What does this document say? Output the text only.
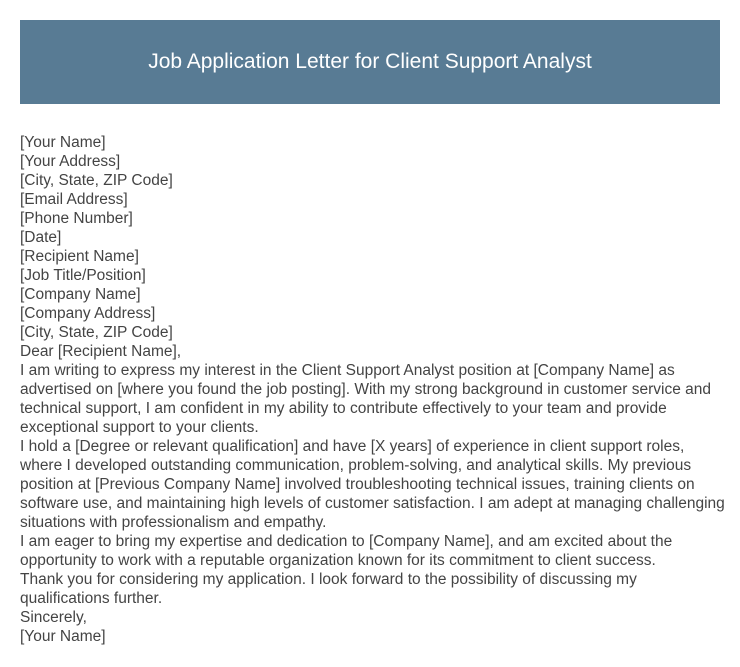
Job Application Letter for Client Support Analyst

[Your Name]

[Your Address]

[City, State, ZIP Code]

[Email Address]

[Phone Number]

[Date]

[Recipient Name]

[Job Title/Position]

[Company Name]

[Company Address]

[City, State, ZIP Code]

Dear [Recipient Name],

I am writing to express my interest in the Client Support Analyst position at [Company Name] as advertised on [where you found the job posting]. With my strong background in customer service and technical support, I am confident in my ability to contribute effectively to your team and provide exceptional support to your clients.

I hold a [Degree or relevant qualification] and have [X years] of experience in client support roles, where I developed outstanding communication, problem-solving, and analytical skills. My previous position at [Previous Company Name] involved troubleshooting technical issues, training clients on software use, and maintaining high levels of customer satisfaction. I am adept at managing challenging situations with professionalism and empathy.

I am eager to bring my expertise and dedication to [Company Name], and am excited about the opportunity to work with a reputable organization known for its commitment to client success.

Thank you for considering my application. I look forward to the possibility of discussing my qualifications further.

Sincerely,

[Your Name]
